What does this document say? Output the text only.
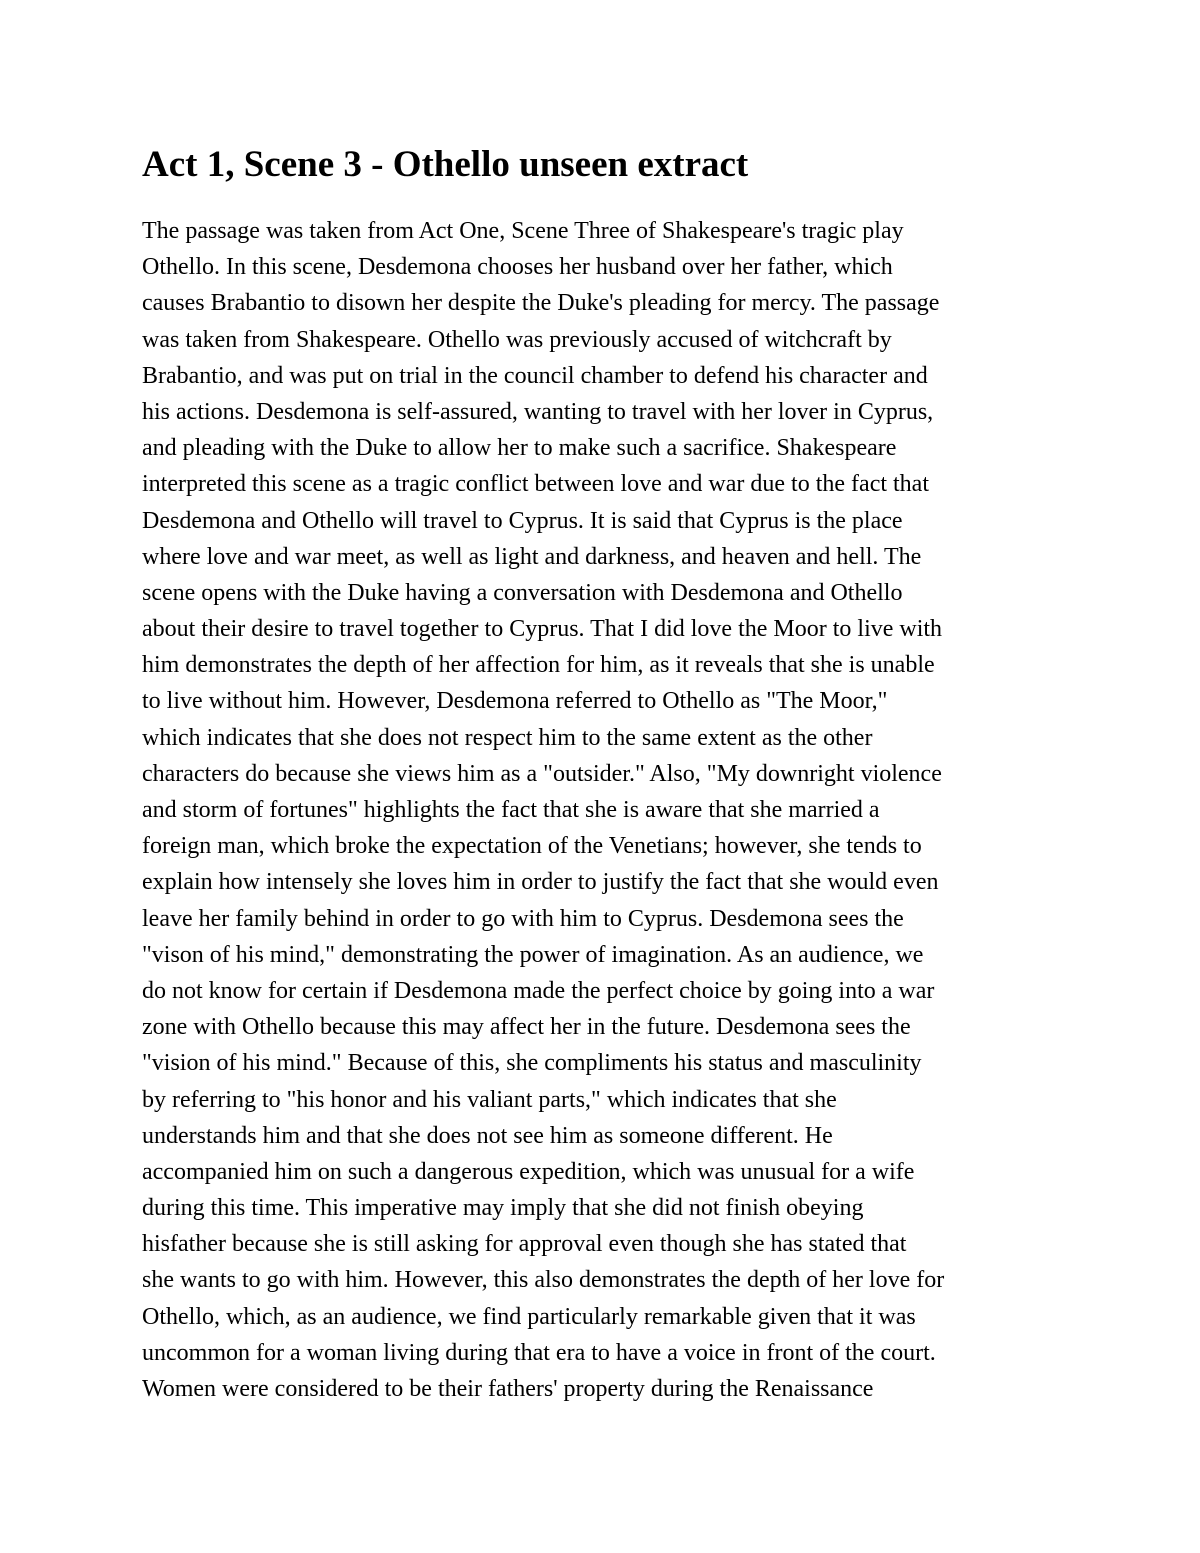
Act 1, Scene 3 - Othello unseen extract
The passage was taken from Act One, Scene Three of Shakespeare's tragic play
Othello. In this scene, Desdemona chooses her husband over her father, which
causes Brabantio to disown her despite the Duke's pleading for mercy. The passage
was taken from Shakespeare. Othello was previously accused of witchcraft by
Brabantio, and was put on trial in the council chamber to defend his character and
his actions. Desdemona is self-assured, wanting to travel with her lover in Cyprus,
and pleading with the Duke to allow her to make such a sacrifice. Shakespeare
interpreted this scene as a tragic conflict between love and war due to the fact that
Desdemona and Othello will travel to Cyprus. It is said that Cyprus is the place
where love and war meet, as well as light and darkness, and heaven and hell. The
scene opens with the Duke having a conversation with Desdemona and Othello
about their desire to travel together to Cyprus. That I did love the Moor to live with
him demonstrates the depth of her affection for him, as it reveals that she is unable
to live without him. However, Desdemona referred to Othello as "The Moor,"
which indicates that she does not respect him to the same extent as the other
characters do because she views him as a "outsider." Also, "My downright violence
and storm of fortunes" highlights the fact that she is aware that she married a
foreign man, which broke the expectation of the Venetians; however, she tends to
explain how intensely she loves him in order to justify the fact that she would even
leave her family behind in order to go with him to Cyprus. Desdemona sees the
"vison of his mind," demonstrating the power of imagination. As an audience, we
do not know for certain if Desdemona made the perfect choice by going into a war
zone with Othello because this may affect her in the future. Desdemona sees the
"vision of his mind." Because of this, she compliments his status and masculinity
by referring to "his honor and his valiant parts," which indicates that she
understands him and that she does not see him as someone different. He
accompanied him on such a dangerous expedition, which was unusual for a wife
during this time. This imperative may imply that she did not finish obeying
hisfather because she is still asking for approval even though she has stated that
she wants to go with him. However, this also demonstrates the depth of her love for
Othello, which, as an audience, we find particularly remarkable given that it was
uncommon for a woman living during that era to have a voice in front of the court.
Women were considered to be their fathers' property during the Renaissance
